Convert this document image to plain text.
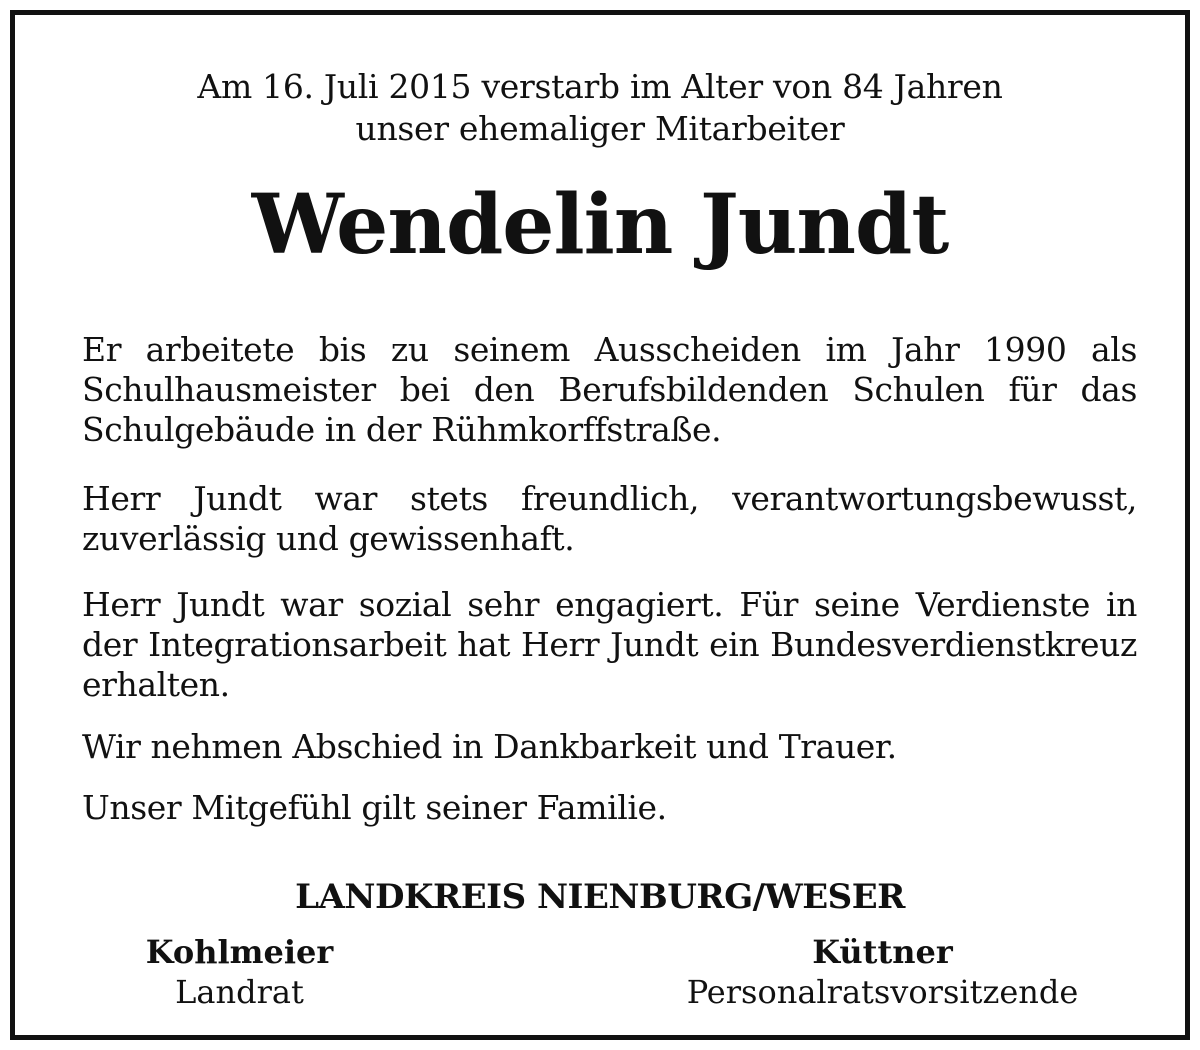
Am 16. Juli 2015 verstarb im Alter von 84 Jahren
unser ehemaliger Mitarbeiter
Wendelin Jundt
Er arbeitete bis zu seinem Ausscheiden im Jahr 1990 als Schulhausmeister bei den Berufsbildenden Schulen für das Schulgebäude in der Rühmkorffstraße.
Herr Jundt war stets freundlich, verantwortungsbewusst, zuverlässig und gewissenhaft.
Herr Jundt war sozial sehr engagiert. Für seine Verdienste in der Integrationsarbeit hat Herr Jundt ein Bundesverdienstkreuz erhalten.
Wir nehmen Abschied in Dankbarkeit und Trauer.
Unser Mitgefühl gilt seiner Familie.
LANDKREIS NIENBURG/WESER
Kohlmeier
Landrat
Küttner
Personalratsvorsitzende
